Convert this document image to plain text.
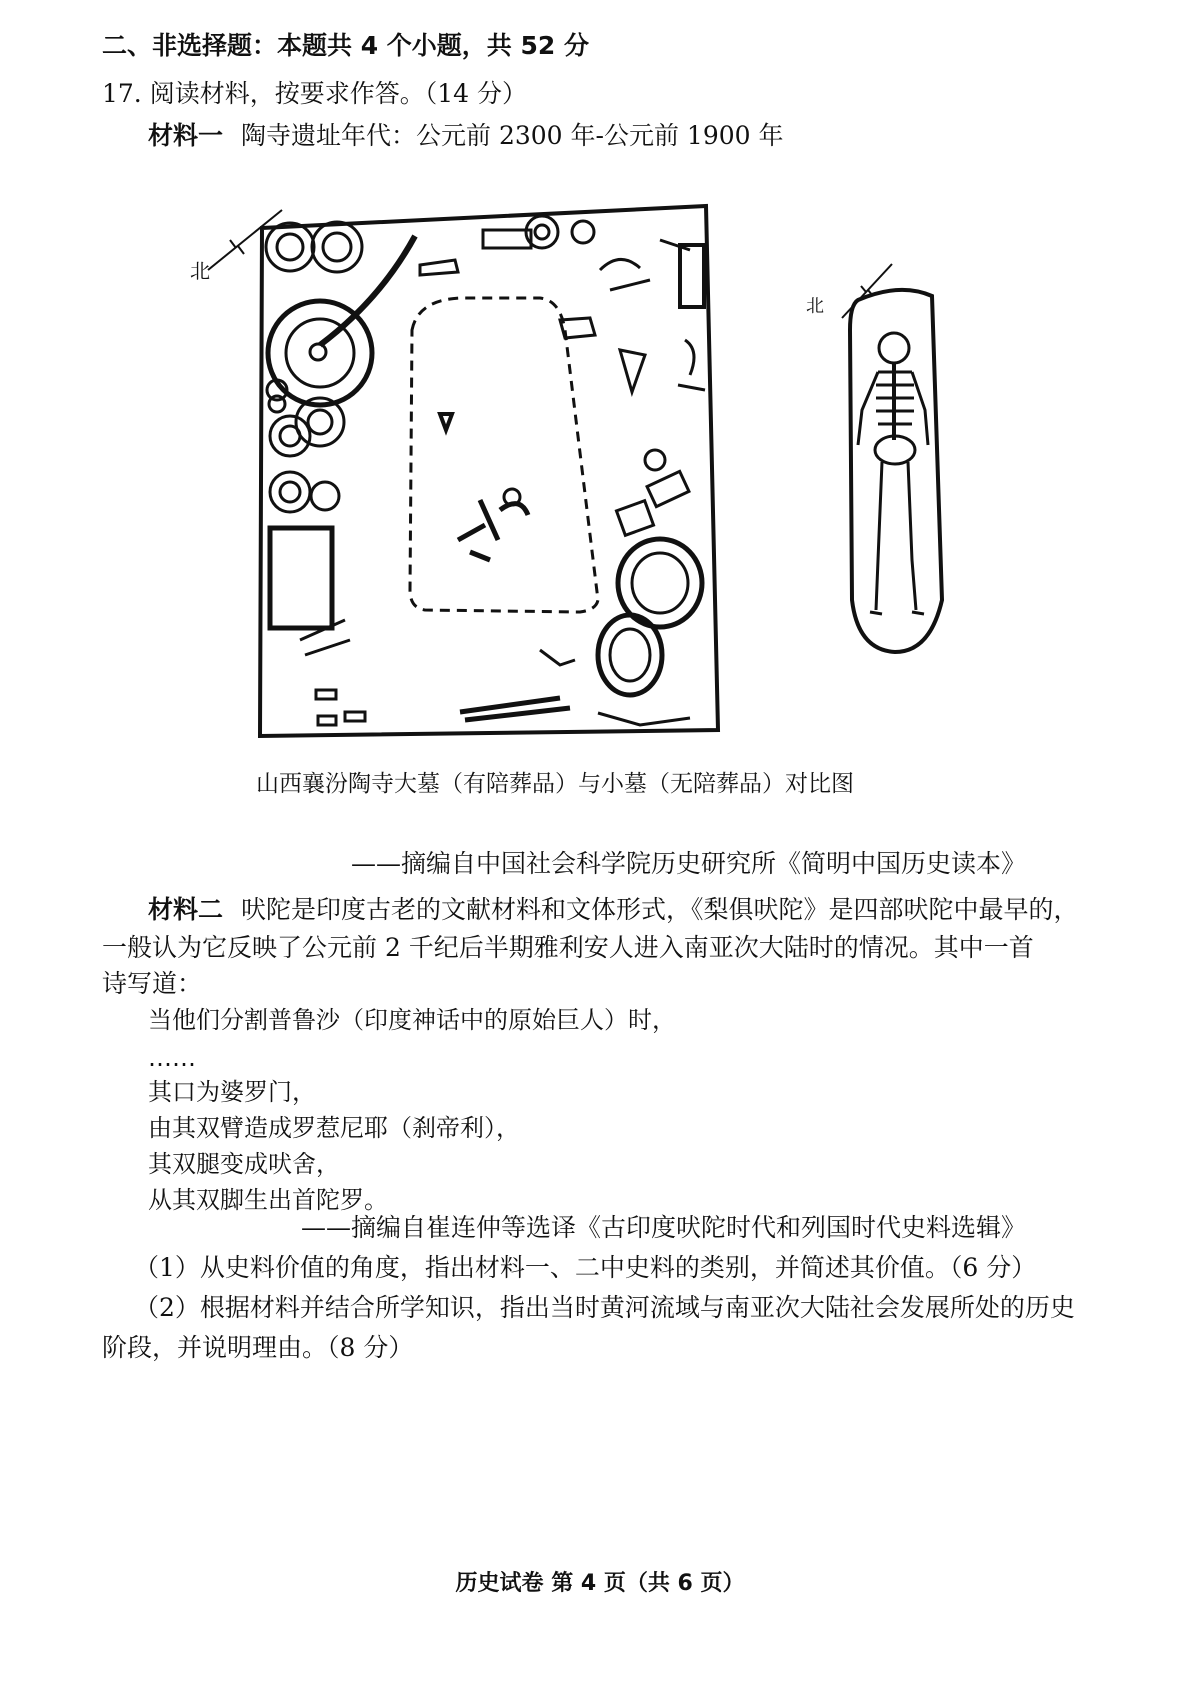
二、非选择题：本题共 4 个小题，共 52 分
17. 阅读材料，按要求作答。（14 分）
材料一 陶寺遗址年代：公元前 2300 年-公元前 1900 年
北
北
山西襄汾陶寺大墓（有陪葬品）与小墓（无陪葬品）对比图
——摘编自中国社会科学院历史研究所《简明中国历史读本》
材料二 吠陀是印度古老的文献材料和文体形式，《梨俱吠陀》是四部吠陀中最早的，
一般认为它反映了公元前 2 千纪后半期雅利安人进入南亚次大陆时的情况。其中一首
诗写道：
当他们分割普鲁沙（印度神话中的原始巨人）时，
……
其口为婆罗门，
由其双臂造成罗惹尼耶（刹帝利），
其双腿变成吠舍，
从其双脚生出首陀罗。
——摘编自崔连仲等选译《古印度吠陀时代和列国时代史料选辑》
（1）从史料价值的角度，指出材料一、二中史料的类别，并简述其价值。（6 分）
（2）根据材料并结合所学知识，指出当时黄河流域与南亚次大陆社会发展所处的历史
阶段，并说明理由。（8 分）
历史试卷 第 4 页（共 6 页）
